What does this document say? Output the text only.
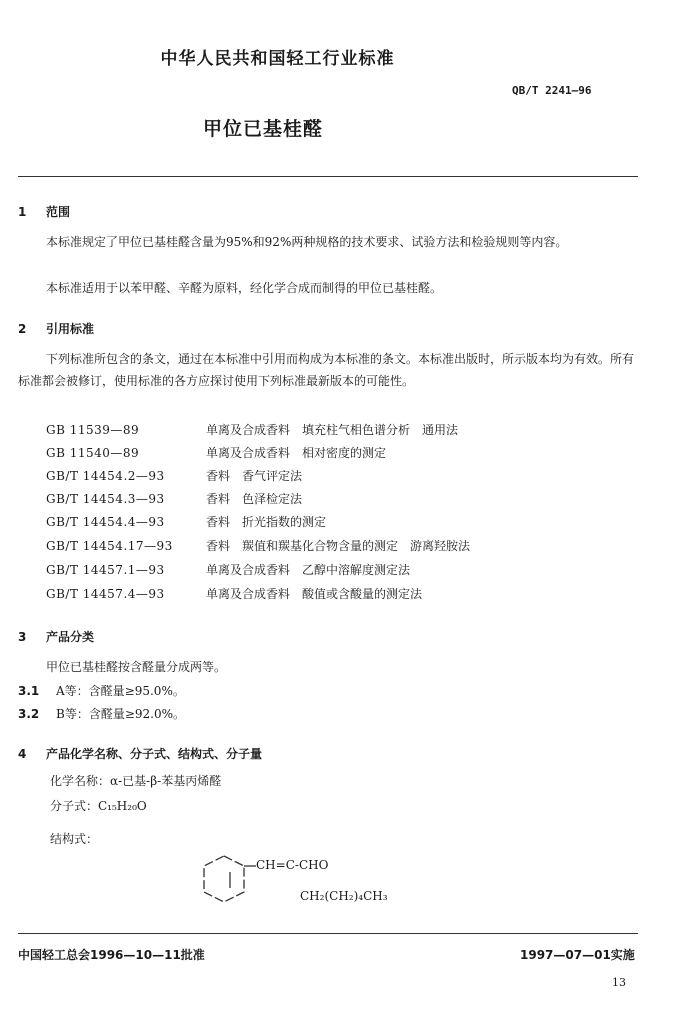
中华人民共和国轻工行业标准
QB/T 2241—96
甲位已基桂醛
1 范围
本标准规定了甲位已基桂醛含量为95%和92%两种规格的技术要求、试验方法和检验规则等内容。
本标准适用于以苯甲醛、辛醛为原料，经化学合成而制得的甲位已基桂醛。
2 引用标准
下列标准所包含的条文，通过在本标准中引用而构成为本标准的条文。本标准出版时，所示版本均为有效。所有标准都会被修订，使用标准的各方应探讨使用下列标准最新版本的可能性。
GB 11539—89	单离及合成香料　填充柱气相色谱分析　通用法
GB 11540—89	单离及合成香料　相对密度的测定
GB/T 14454.2—93	香料　香气评定法
GB/T 14454.3—93	香料　色泽检定法
GB/T 14454.4—93	香料　折光指数的测定
GB/T 14454.17—93	香料　羰值和羰基化合物含量的测定　游离羟胺法
GB/T 14457.1—93	单离及合成香料　乙醇中溶解度测定法
GB/T 14457.4—93	单离及合成香料　酸值或含酸量的测定法
3 产品分类
甲位已基桂醛按含醛量分成两等。
3.1 A等：含醛量≥95.0%。
3.2 B等：含醛量≥92.0%。
4 产品化学名称、分子式、结构式、分子量
化学名称：α-已基-β-苯基丙烯醛
分子式：C₁₅H₂₀O
结构式：
CH=C-CHO
CH₂(CH₂)₄CH₃
中国轻工总会1996—10—11批准	1997—07—01实施
13
